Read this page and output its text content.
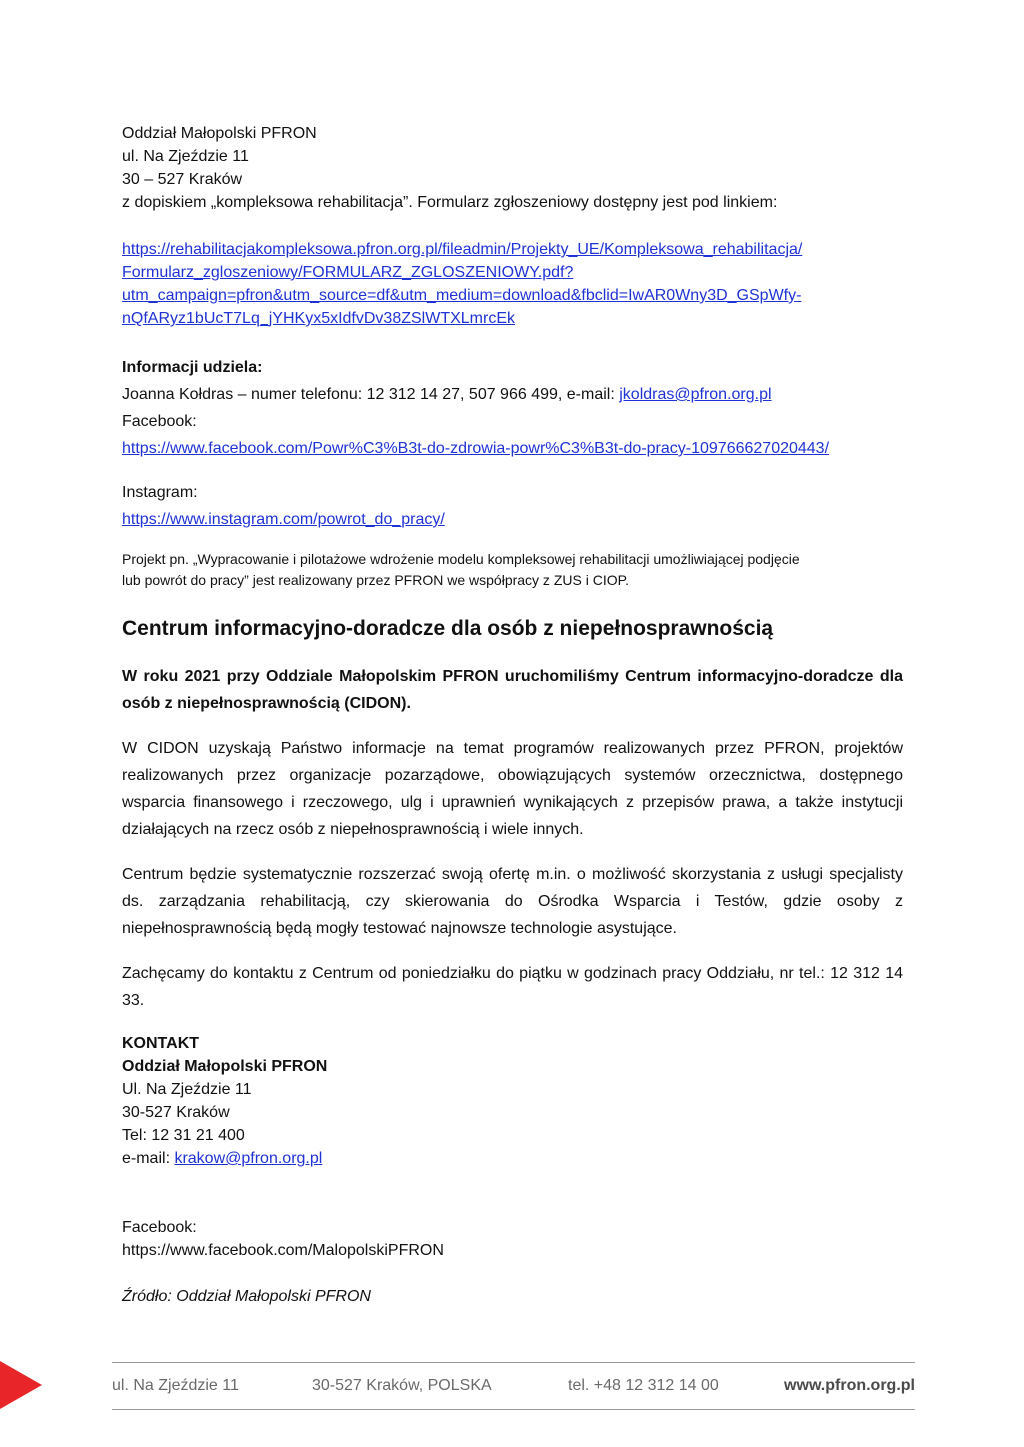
Oddział Małopolski PFRON
ul. Na Zjeździe 11
30 – 527 Kraków
z dopiskiem „kompleksowa rehabilitacja”. Formularz zgłoszeniowy dostępny jest pod linkiem:
https://rehabilitacjakompleksowa.pfron.org.pl/fileadmin/Projekty_UE/Kompleksowa_rehabilitacja/
Formularz_zgloszeniowy/FORMULARZ_ZGLOSZENIOWY.pdf?
utm_campaign=pfron&utm_source=df&utm_medium=download&fbclid=IwAR0Wny3D_GSpWfy-
nQfARyz1bUcT7Lq_jYHKyx5xIdfvDv38ZSlWTXLmrcEk
Informacji udziela:
Joanna Kołdras – numer telefonu: 12 312 14 27, 507 966 499, e-mail: jkoldras@pfron.org.pl
Facebook:
https://www.facebook.com/Powr%C3%B3t-do-zdrowia-powr%C3%B3t-do-pracy-109766627020443/
Instagram:
https://www.instagram.com/powrot_do_pracy/
Projekt pn. „Wypracowanie i pilotażowe wdrożenie modelu kompleksowej rehabilitacji umożliwiającej podjęcie
lub powrót do pracy” jest realizowany przez PFRON we współpracy z ZUS i CIOP.
Centrum informacyjno-doradcze dla osób z niepełnosprawnością

W roku 2021 przy Oddziale Małopolskim PFRON uruchomiliśmy Centrum informacyjno-doradcze dla osób z niepełnosprawnością (CIDON).

W CIDON uzyskają Państwo informacje na temat programów realizowanych przez PFRON, projektów realizowanych przez organizacje pozarządowe, obowiązujących systemów orzecznictwa, dostępnego wsparcia finansowego i rzeczowego, ulg i uprawnień wynikających z przepisów prawa, a także instytucji działających na rzecz osób z niepełnosprawnością i wiele innych.

Centrum będzie systematycznie rozszerzać swoją ofertę m.in. o możliwość skorzystania z usługi specjalisty ds. zarządzania rehabilitacją, czy skierowania do Ośrodka Wsparcia i Testów, gdzie osoby z niepełnosprawnością będą mogły testować najnowsze technologie asystujące.

Zachęcamy do kontaktu z Centrum od poniedziałku do piątku w godzinach pracy Oddziału, nr tel.: 12 312 14 33.

KONTAKT
Oddział Małopolski PFRON
Ul. Na Zjeździe 11
30-527 Kraków
Tel: 12 31 21 400
e-mail: krakow@pfron.org.pl
Facebook:
https://www.facebook.com/MalopolskiPFRON
Źródło: Oddział Małopolski PFRON
ul. Na Zjeździe 11	30-527 Kraków, POLSKA	tel. +48 12 312 14 00	www.pfron.org.pl
